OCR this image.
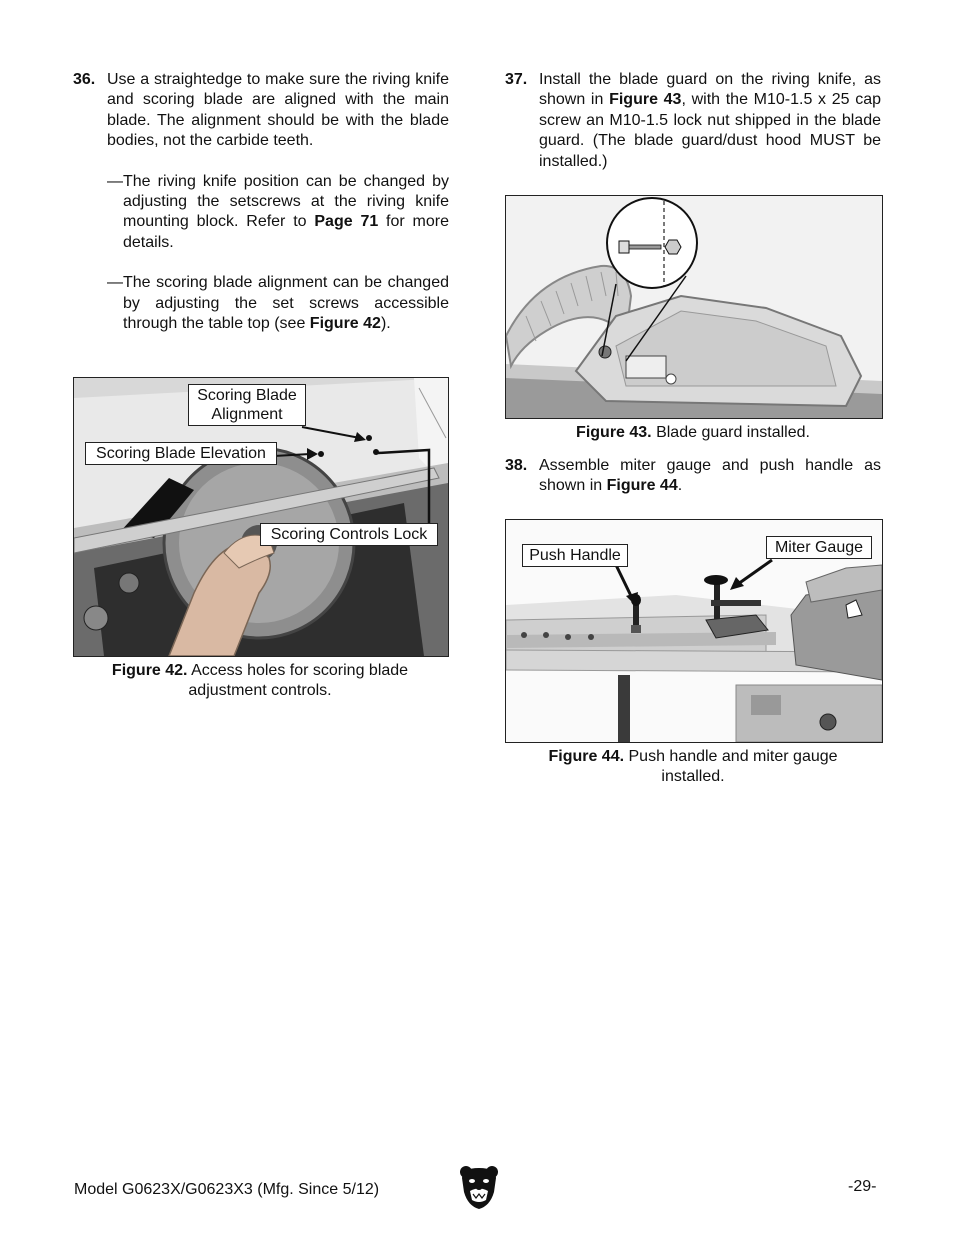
36. Use a straightedge to make sure the riving knife and scoring blade are aligned with the main blade. The alignment should be with the blade bodies, not the carbide teeth.
— The riving knife position can be changed by adjusting the setscrews at the riving knife mounting block. Refer to Page 71 for more details.
— The scoring blade alignment can be changed by adjusting the set screws accessible through the table top (see Figure 42).
Scoring Blade Alignment
Scoring Blade Elevation
Scoring Controls Lock
Figure 42. Access holes for scoring blade adjustment controls.
37. Install the blade guard on the riving knife, as shown in Figure 43, with the M10-1.5 x 25 cap screw an M10-1.5 lock nut shipped in the blade guard. (The blade guard/dust hood MUST be installed.)
Figure 43. Blade guard installed.
38. Assemble miter gauge and push handle as shown in Figure 44.
Push Handle	Miter Gauge
Figure 44. Push handle and miter gauge installed.
Model G0623X/G0623X3 (Mfg. Since 5/12)	-29-
